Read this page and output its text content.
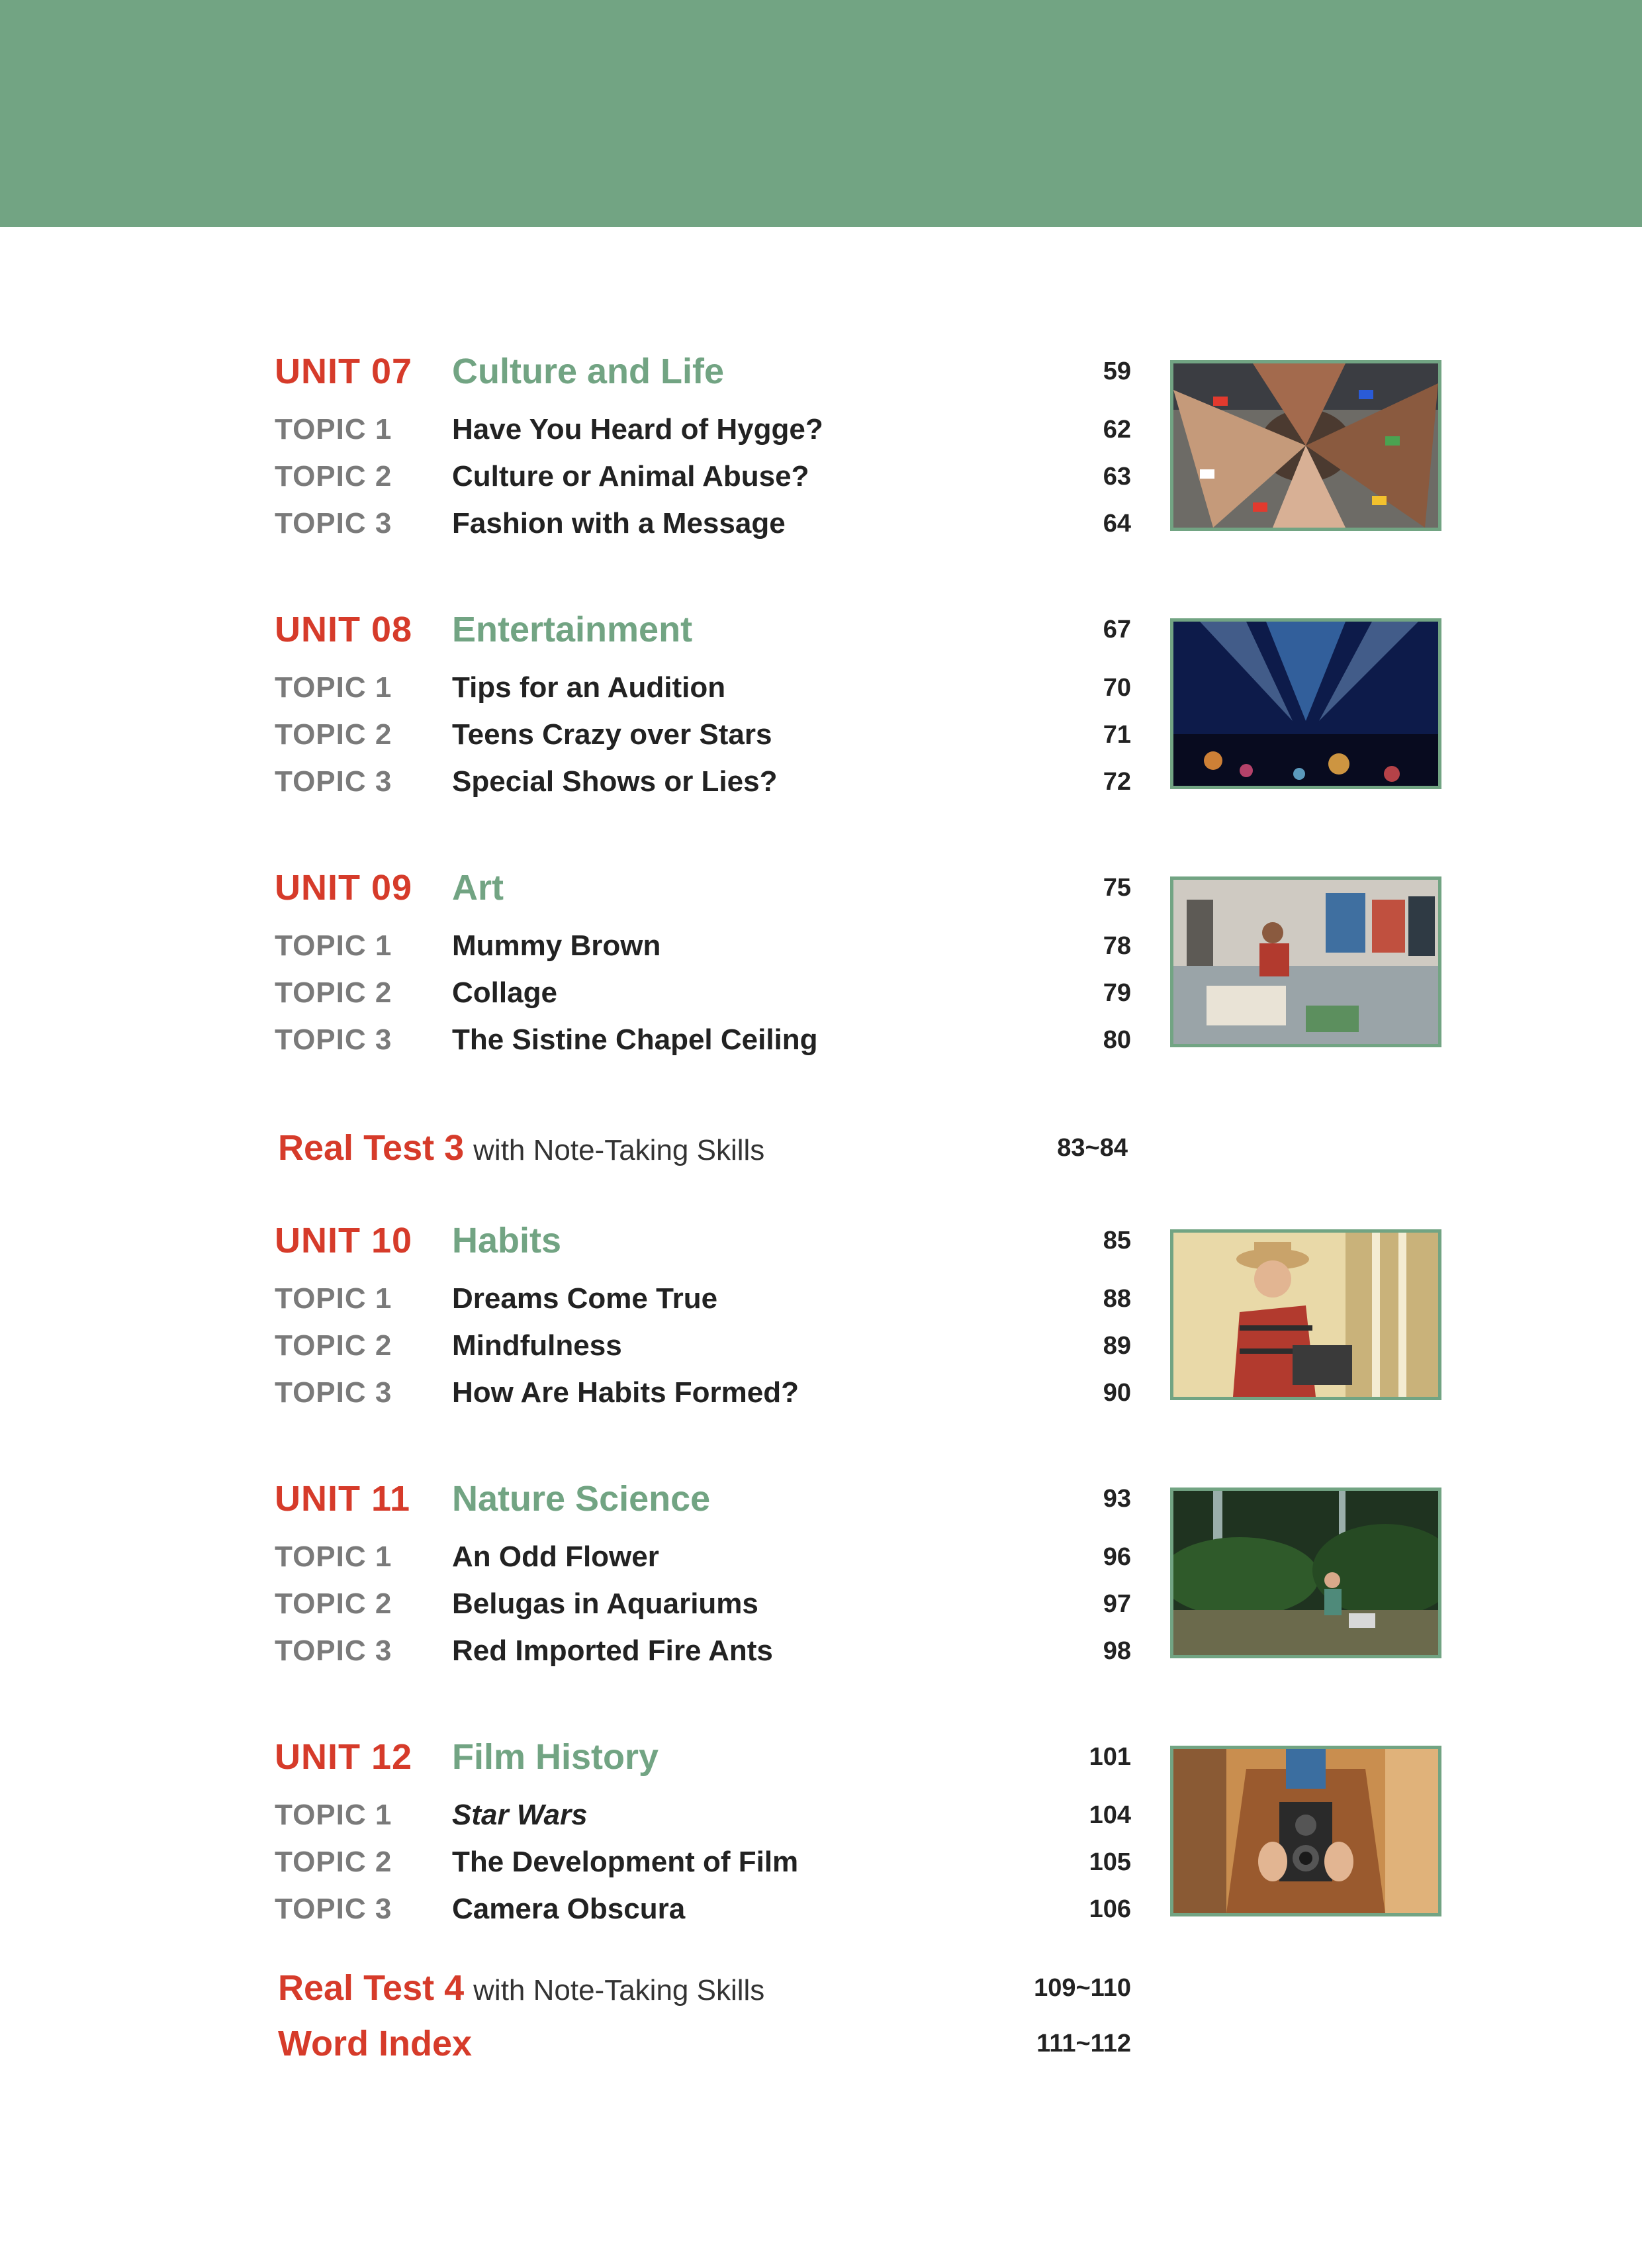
UNIT 07 Culture and Life	59
TOPIC 1 Have You Heard of Hygge?	62
TOPIC 2 Culture or Animal Abuse?	63
TOPIC 3 Fashion with a Message	64
UNIT 08 Entertainment	67
TOPIC 1 Tips for an Audition	70
TOPIC 2 Teens Crazy over Stars	71
TOPIC 3 Special Shows or Lies?	72
UNIT 09 Art	75
TOPIC 1 Mummy Brown	78
TOPIC 2 Collage	79
TOPIC 3 The Sistine Chapel Ceiling	80
Real Test 3 with Note-Taking Skills	83~84
UNIT 10 Habits	85
TOPIC 1 Dreams Come True	88
TOPIC 2 Mindfulness	89
TOPIC 3 How Are Habits Formed?	90
UNIT 11 Nature Science	93
TOPIC 1 An Odd Flower	96
TOPIC 2 Belugas in Aquariums	97
TOPIC 3 Red Imported Fire Ants	98
UNIT 12 Film History	101
TOPIC 1 Star Wars	104
TOPIC 2 The Development of Film	105
TOPIC 3 Camera Obscura	106
Real Test 4 with Note-Taking Skills	109~110
Word Index	111~112
